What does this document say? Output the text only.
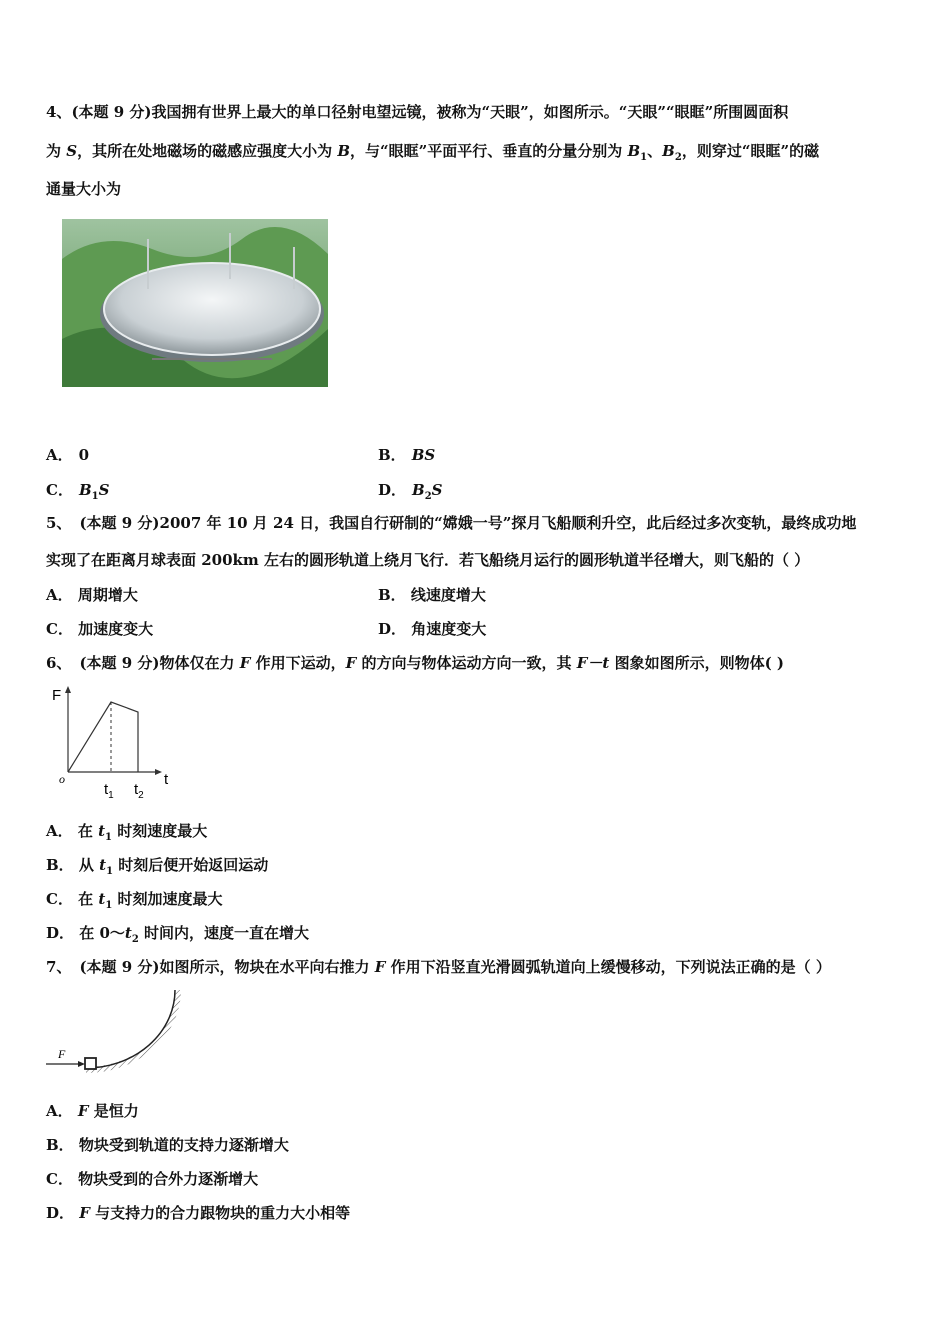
4、(本题 9 分)我国拥有世界上最大的单口径射电望远镜，被称为“天眼”，如图所示。“天眼”“眼眶”所围圆面积
为 S，其所在处地磁场的磁感应强度大小为 B，与“眼眶”平面平行、垂直的分量分别为 $B_1$、$B_2$，则穿过“眼眶”的磁
通量大小为
A． 0	B． BS
C． $B_1S$	D． $B_2S$
5、 (本题 9 分)2007 年 10 月 24 日，我国自行研制的“嫦娥一号”探月飞船顺利升空，此后经过多次变轨，最终成功地
实现了在距离月球表面 200km 左右的圆形轨道上绕月飞行．若飞船绕月运行的圆形轨道半径增大，则飞船的（ ）
A． 周期增大	B． 线速度增大
C． 加速度变大	D． 角速度变大
6、 (本题 9 分)物体仅在力 F 作用下运动，F 的方向与物体运动方向一致，其 F－t 图象如图所示，则物体( )
F
o	t
$t_1$ $t_2$
A． 在 $t_1$ 时刻速度最大
B． 从 $t_1$ 时刻后便开始返回运动
C． 在 $t_1$ 时刻加速度最大
D． 在 $0\sim t_2$ 时间内，速度一直在增大
7、 (本题 9 分)如图所示，物块在水平向右推力 F 作用下沿竖直光滑圆弧轨道向上缓慢移动，下列说法正确的是（ ）
F
A． F 是恒力
B． 物块受到轨道的支持力逐渐增大
C． 物块受到的合外力逐渐增大
D． F 与支持力的合力跟物块的重力大小相等
